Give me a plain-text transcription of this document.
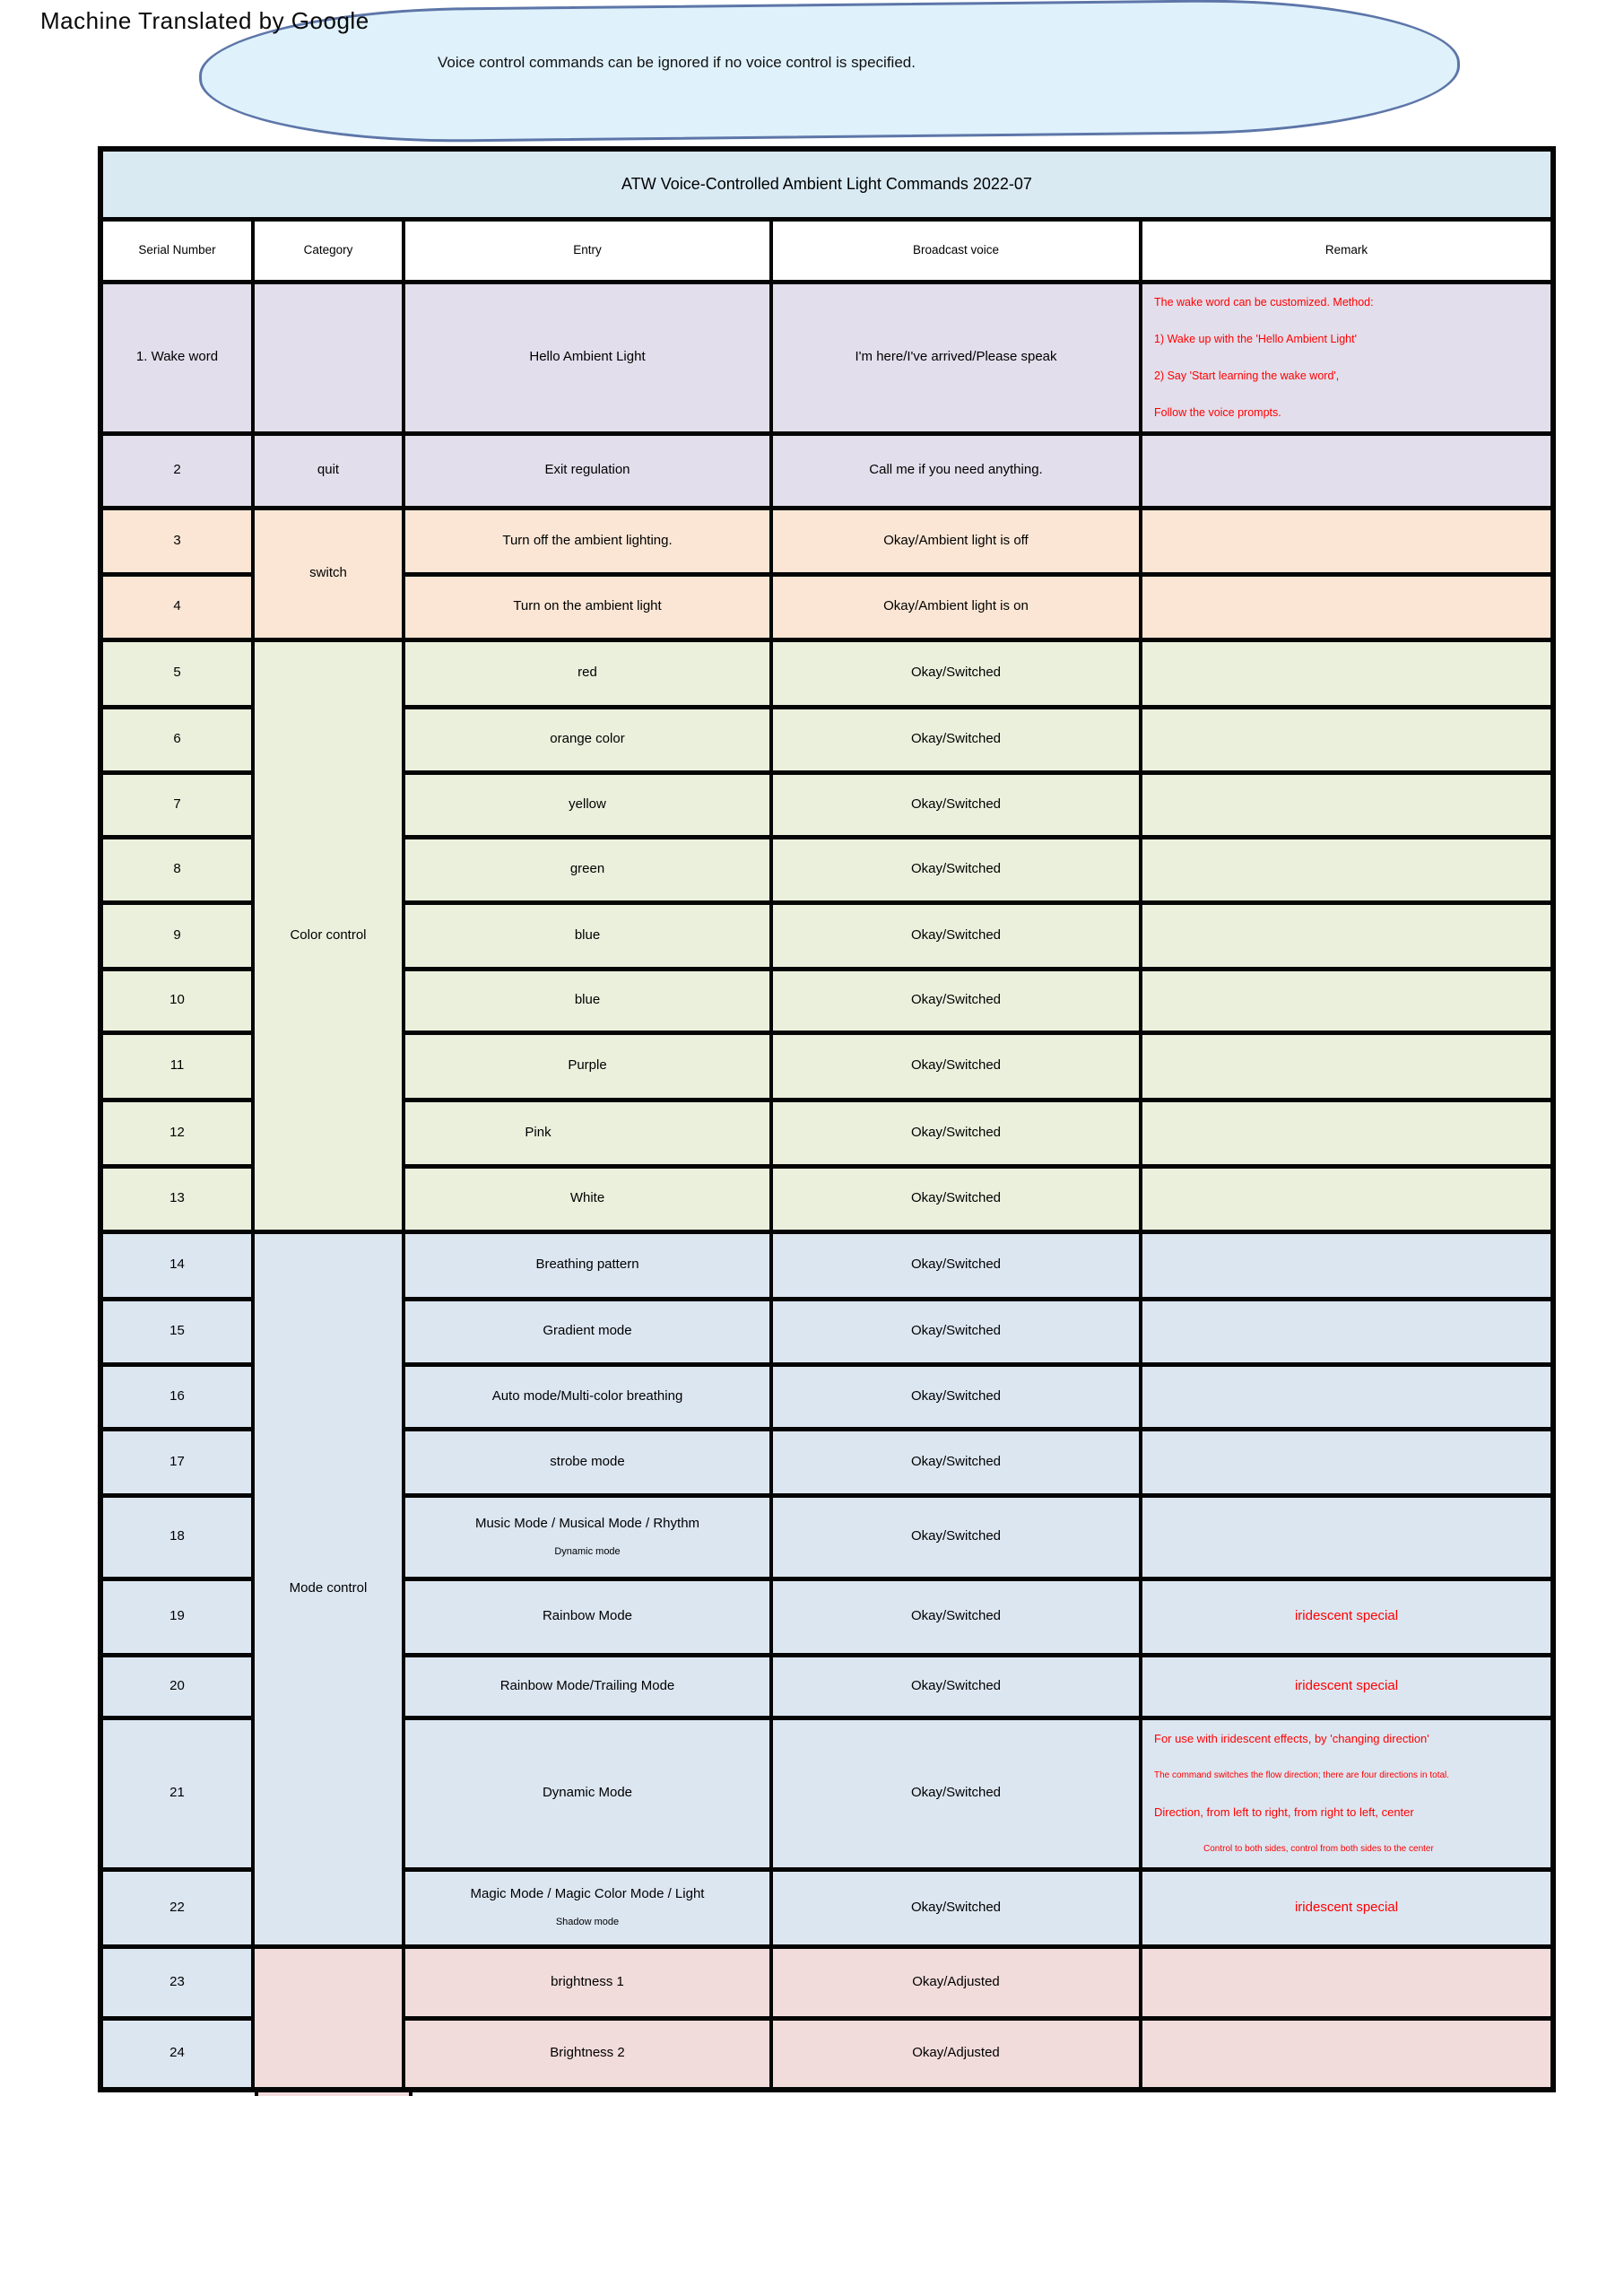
Machine Translated by Google
Voice control commands can be ignored if no voice control is specified.
ATW Voice-Controlled Ambient Light Commands 2022-07				
Serial Number	Category	Entry	Broadcast voice	Remark
1. Wake word		Hello Ambient Light	I'm here/I've arrived/Please speak	The wake word can be customized. Method:
1) Wake up with the 'Hello Ambient Light'
2) Say 'Start learning the wake word',
Follow the voice prompts.

2	quit	Exit regulation	Call me if you need anything.	
3	switch	Turn off the ambient lighting.	Okay/Ambient light is off	
4		Turn on the ambient light	Okay/Ambient light is on	
5	Color control	red	Okay/Switched	
6		orange color	Okay/Switched	
7		yellow	Okay/Switched	
8		green	Okay/Switched	
9		blue	Okay/Switched	
10		blue	Okay/Switched	
11		Purple	Okay/Switched	
12		Pink	Okay/Switched	
13		White	Okay/Switched	
14	Mode control	Breathing pattern	Okay/Switched	
15		Gradient mode	Okay/Switched	
16		Auto mode/Multi-color breathing	Okay/Switched	
17		strobe mode	Okay/Switched	
18		Music Mode / Musical Mode / Rhythm
Dynamic mode	Okay/Switched	
19		Rainbow Mode	Okay/Switched	iridescent special
20		Rainbow Mode/Trailing Mode	Okay/Switched	iridescent special
21		Dynamic Mode	Okay/Switched	For use with iridescent effects, by 'changing direction'
The command switches the flow direction; there are four directions in total.
Direction, from left to right, from right to left, center
Control to both sides, control from both sides to the center

22		Magic Mode / Magic Color Mode / Light
Shadow mode	Okay/Switched	iridescent special
23		brightness 1	Okay/Adjusted	
24		Brightness 2	Okay/Adjusted	
